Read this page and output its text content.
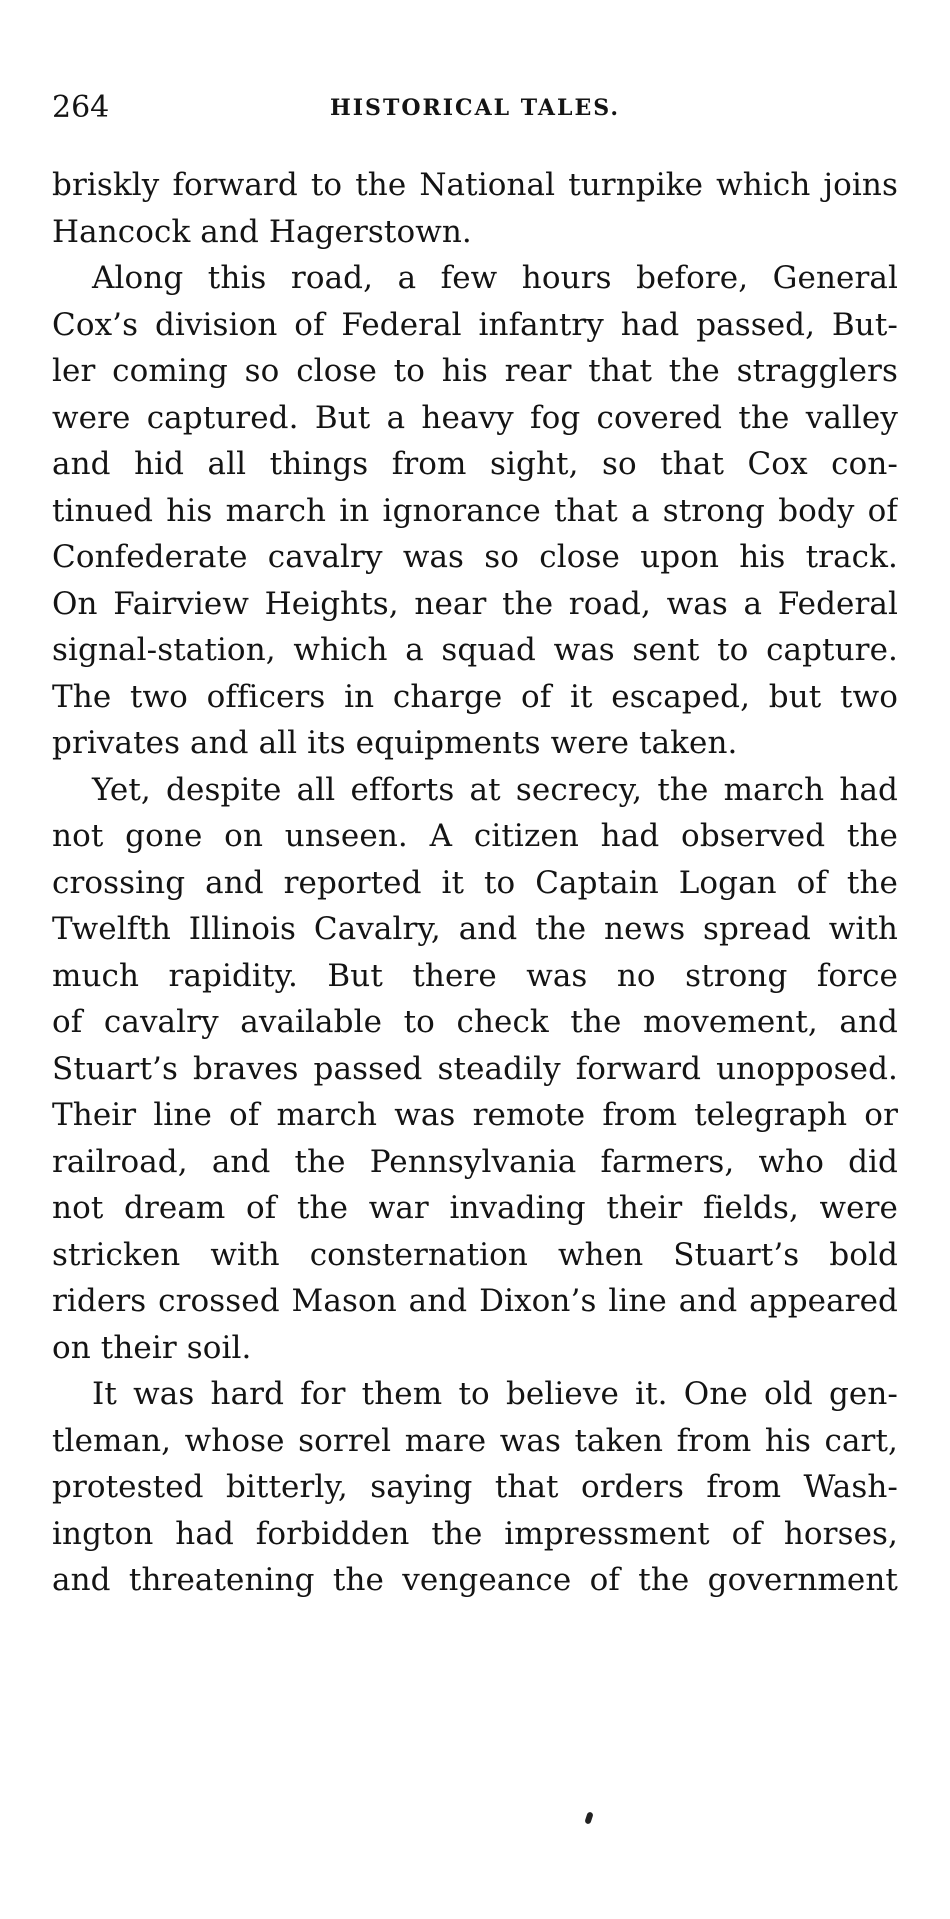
264	HISTORICAL TALES.

briskly forward to the National turnpike which joins
Hancock and Hagerstown.

Along this road, a few hours before, General
Cox’s division of Federal infantry had passed, But-
ler coming so close to his rear that the stragglers
were captured. But a heavy fog covered the valley
and hid all things from sight, so that Cox con-
tinued his march in ignorance that a strong body of
Confederate cavalry was so close upon his track.
On Fairview Heights, near the road, was a Federal
signal-station, which a squad was sent to capture.
The two officers in charge of it escaped, but two
privates and all its equipments were taken.

Yet, despite all efforts at secrecy, the march had
not gone on unseen. A citizen had observed the
crossing and reported it to Captain Logan of the
Twelfth Illinois Cavalry, and the news spread with
much rapidity. But there was no strong force
of cavalry available to check the movement, and
Stuart’s braves passed steadily forward unopposed.
Their line of march was remote from telegraph or
railroad, and the Pennsylvania farmers, who did
not dream of the war invading their fields, were
stricken with consternation when Stuart’s bold
riders crossed Mason and Dixon’s line and appeared
on their soil.

It was hard for them to believe it. One old gen-
tleman, whose sorrel mare was taken from his cart,
protested bitterly, saying that orders from Wash-
ington had forbidden the impressment of horses,
and threatening the vengeance of the government
